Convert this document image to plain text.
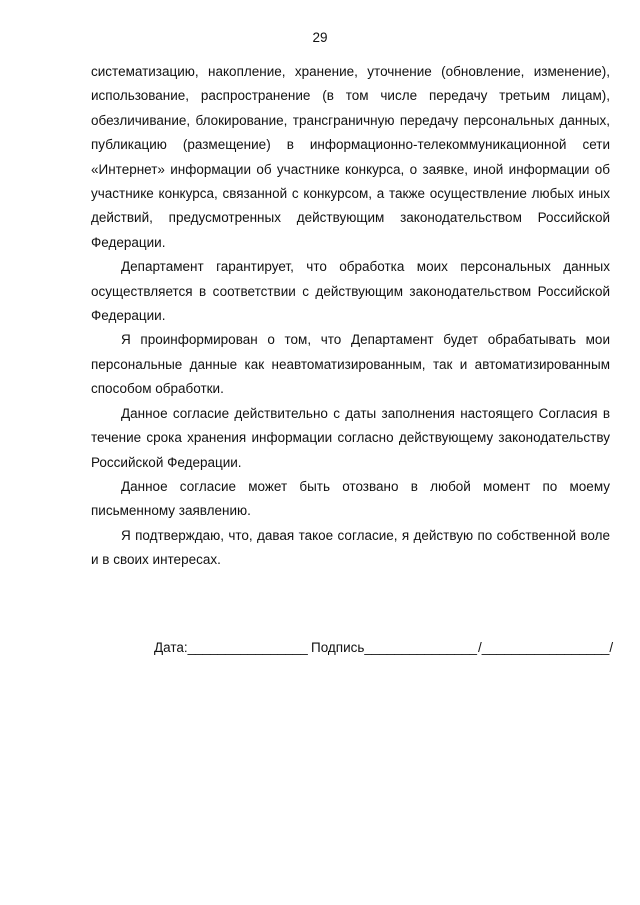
29

систематизацию, накопление, хранение, уточнение (обновление, изменение), использование, распространение (в том числе передачу третьим лицам), обезличивание, блокирование, трансграничную передачу персональных данных, публикацию (размещение) в информационно-телекоммуникационной сети «Интернет» информации об участнике конкурса, о заявке, иной информации об участнике конкурса, связанной с конкурсом, а также осуществление любых иных действий, предусмотренных действующим законодательством Российской Федерации.

Департамент гарантирует, что обработка моих персональных данных осуществляется в соответствии с действующим законодательством Российской Федерации.

Я проинформирован о том, что Департамент будет обрабатывать мои персональные данные как неавтоматизированным, так и автоматизированным способом обработки.

Данное согласие действительно с даты заполнения настоящего Согласия в течение срока хранения информации согласно действующему законодательству Российской Федерации.

Данное согласие может быть отозвано в любой момент по моему письменному заявлению.

Я подтверждаю, что, давая такое согласие, я действую по собственной воле и в своих интересах.

Дата:________________ Подпись_______________ /_________________/
